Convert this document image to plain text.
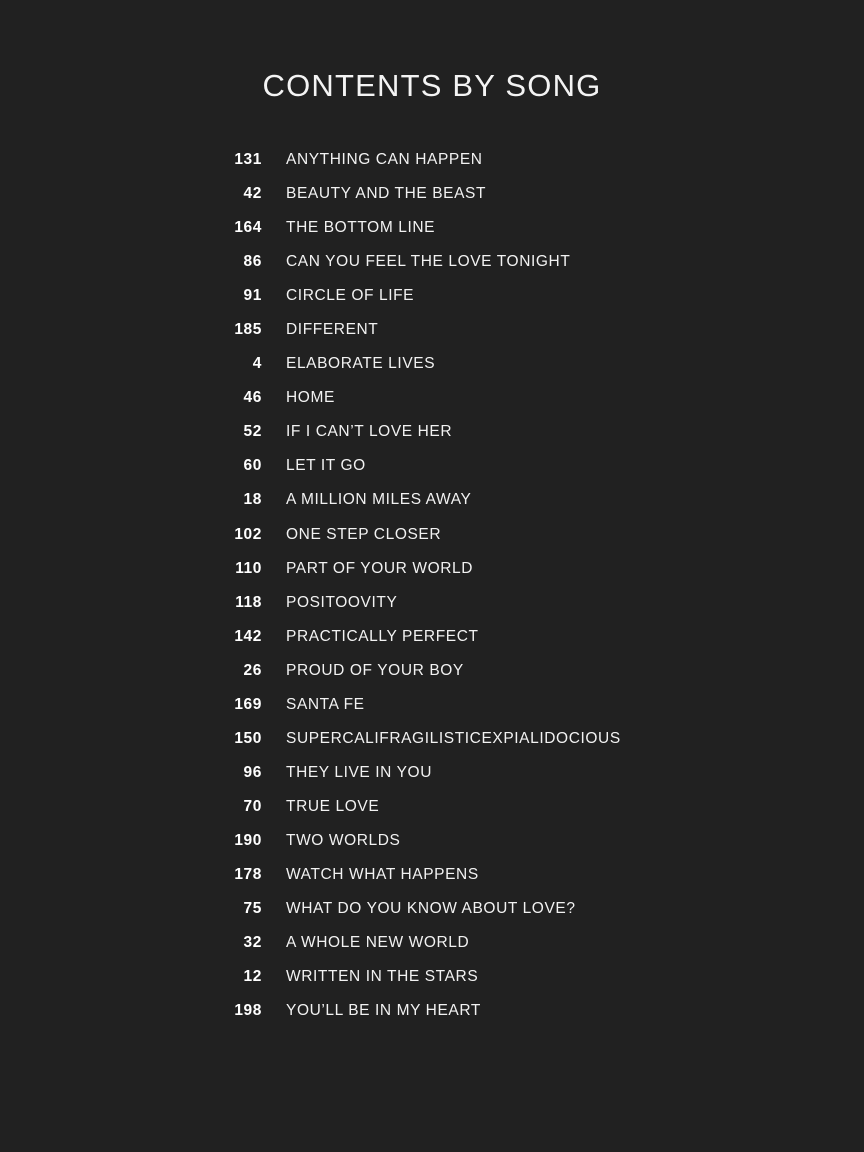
CONTENTS BY SONG
131 ANYTHING CAN HAPPEN
42 BEAUTY AND THE BEAST
164 THE BOTTOM LINE
86 CAN YOU FEEL THE LOVE TONIGHT
91 CIRCLE OF LIFE
185 DIFFERENT
4 ELABORATE LIVES
46 HOME
52 IF I CAN’T LOVE HER
60 LET IT GO
18 A MILLION MILES AWAY
102 ONE STEP CLOSER
110 PART OF YOUR WORLD
118 POSITOOVITY
142 PRACTICALLY PERFECT
26 PROUD OF YOUR BOY
169 SANTA FE
150 SUPERCALIFRAGILISTICEXPIALIDOCIOUS
96 THEY LIVE IN YOU
70 TRUE LOVE
190 TWO WORLDS
178 WATCH WHAT HAPPENS
75 WHAT DO YOU KNOW ABOUT LOVE?
32 A WHOLE NEW WORLD
12 WRITTEN IN THE STARS
198 YOU’LL BE IN MY HEART
